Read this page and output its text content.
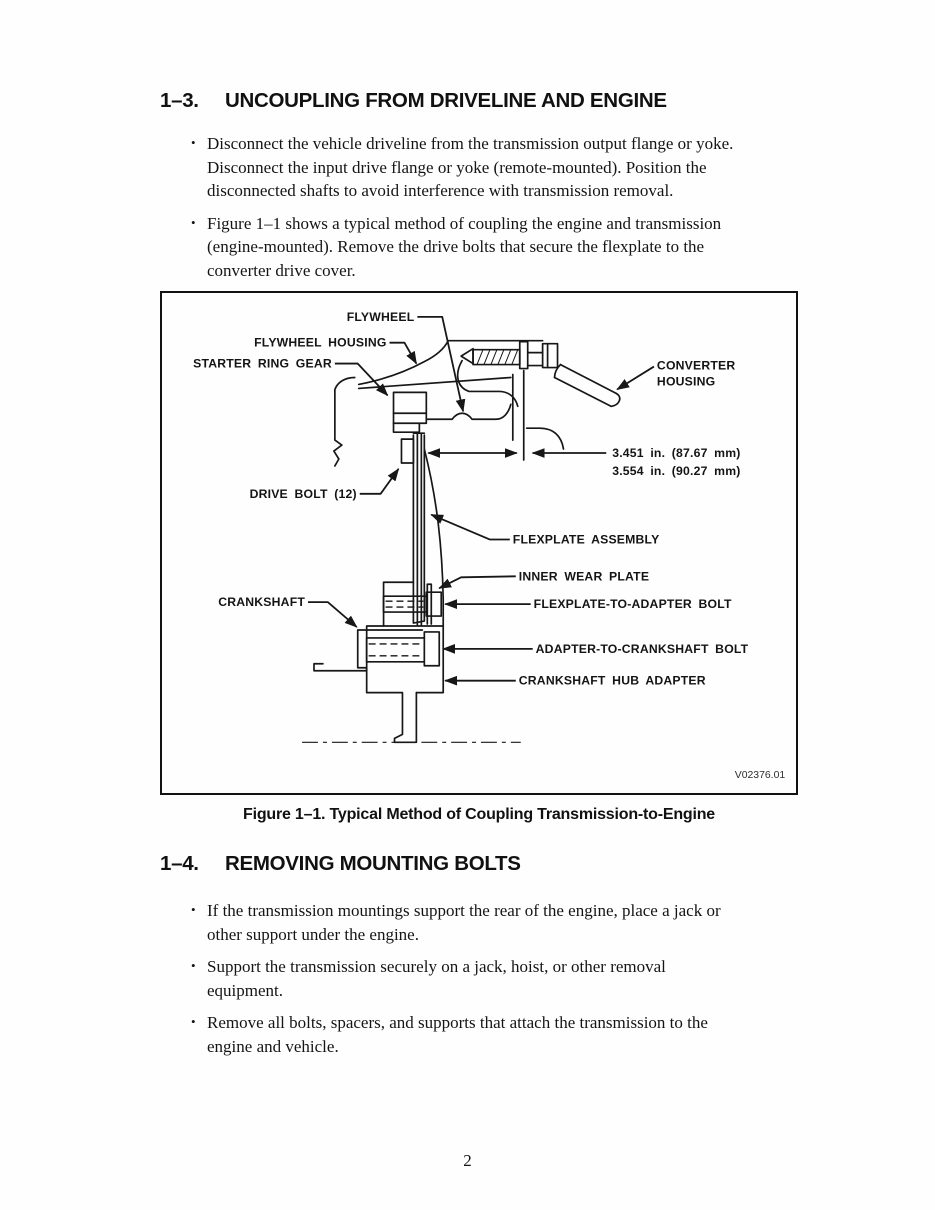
1–3.	UNCOUPLING FROM DRIVELINE AND ENGINE
• Disconnect the vehicle driveline from the transmission output flange or yoke.
Disconnect the input drive flange or yoke (remote-mounted). Position the
disconnected shafts to avoid interference with transmission removal.
• Figure 1–1 shows a typical method of coupling the engine and transmission
(engine-mounted). Remove the drive bolts that secure the flexplate to the
converter drive cover.
FLYWHEEL
FLYWHEEL HOUSING
STARTER RING GEAR	CONVERTER
HOUSING
3.451 in. (87.67 mm)
3.554 in. (90.27 mm)
DRIVE BOLT (12)
FLEXPLATE ASSEMBLY
INNER WEAR PLATE
FLEXPLATE-TO-ADAPTER BOLT
CRANKSHAFT
ADAPTER-TO-CRANKSHAFT BOLT
CRANKSHAFT HUB ADAPTER
V02376.01
Figure 1–1. Typical Method of Coupling Transmission-to-Engine
1–4.	REMOVING MOUNTING BOLTS
• If the transmission mountings support the rear of the engine, place a jack or
other support under the engine.
• Support the transmission securely on a jack, hoist, or other removal
equipment.
• Remove all bolts, spacers, and supports that attach the transmission to the
engine and vehicle.
2
